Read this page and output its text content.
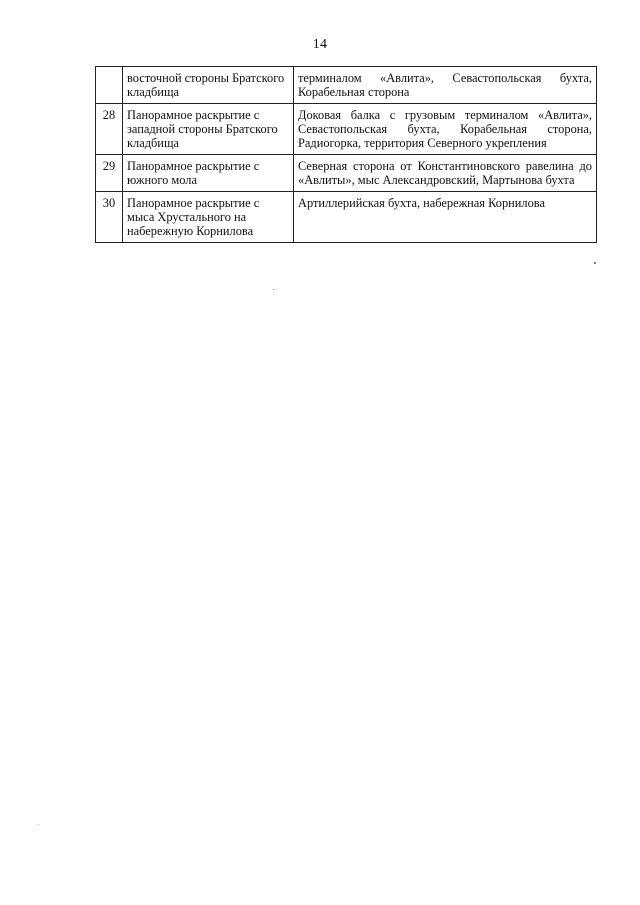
14
	восточной стороны Братского кладбища	терминалом «Авлита», Севастопольская бухта, Корабельная сторона
28	Панорамное раскрытие с западной стороны Братского кладбища	Доковая балка с грузовым терминалом «Авлита», Севастопольская бухта, Корабельная сторона, Радиогорка, территория Северного укрепления
29	Панорамное раскрытие с южного мола	Северная сторона от Константиновского равелина до «Авлиты», мыс Александровский, Мартынова бухта
30	Панорамное раскрытие с мыса Хрустального на набережную Корнилова	Артиллерийская бухта, набережная Корнилова
